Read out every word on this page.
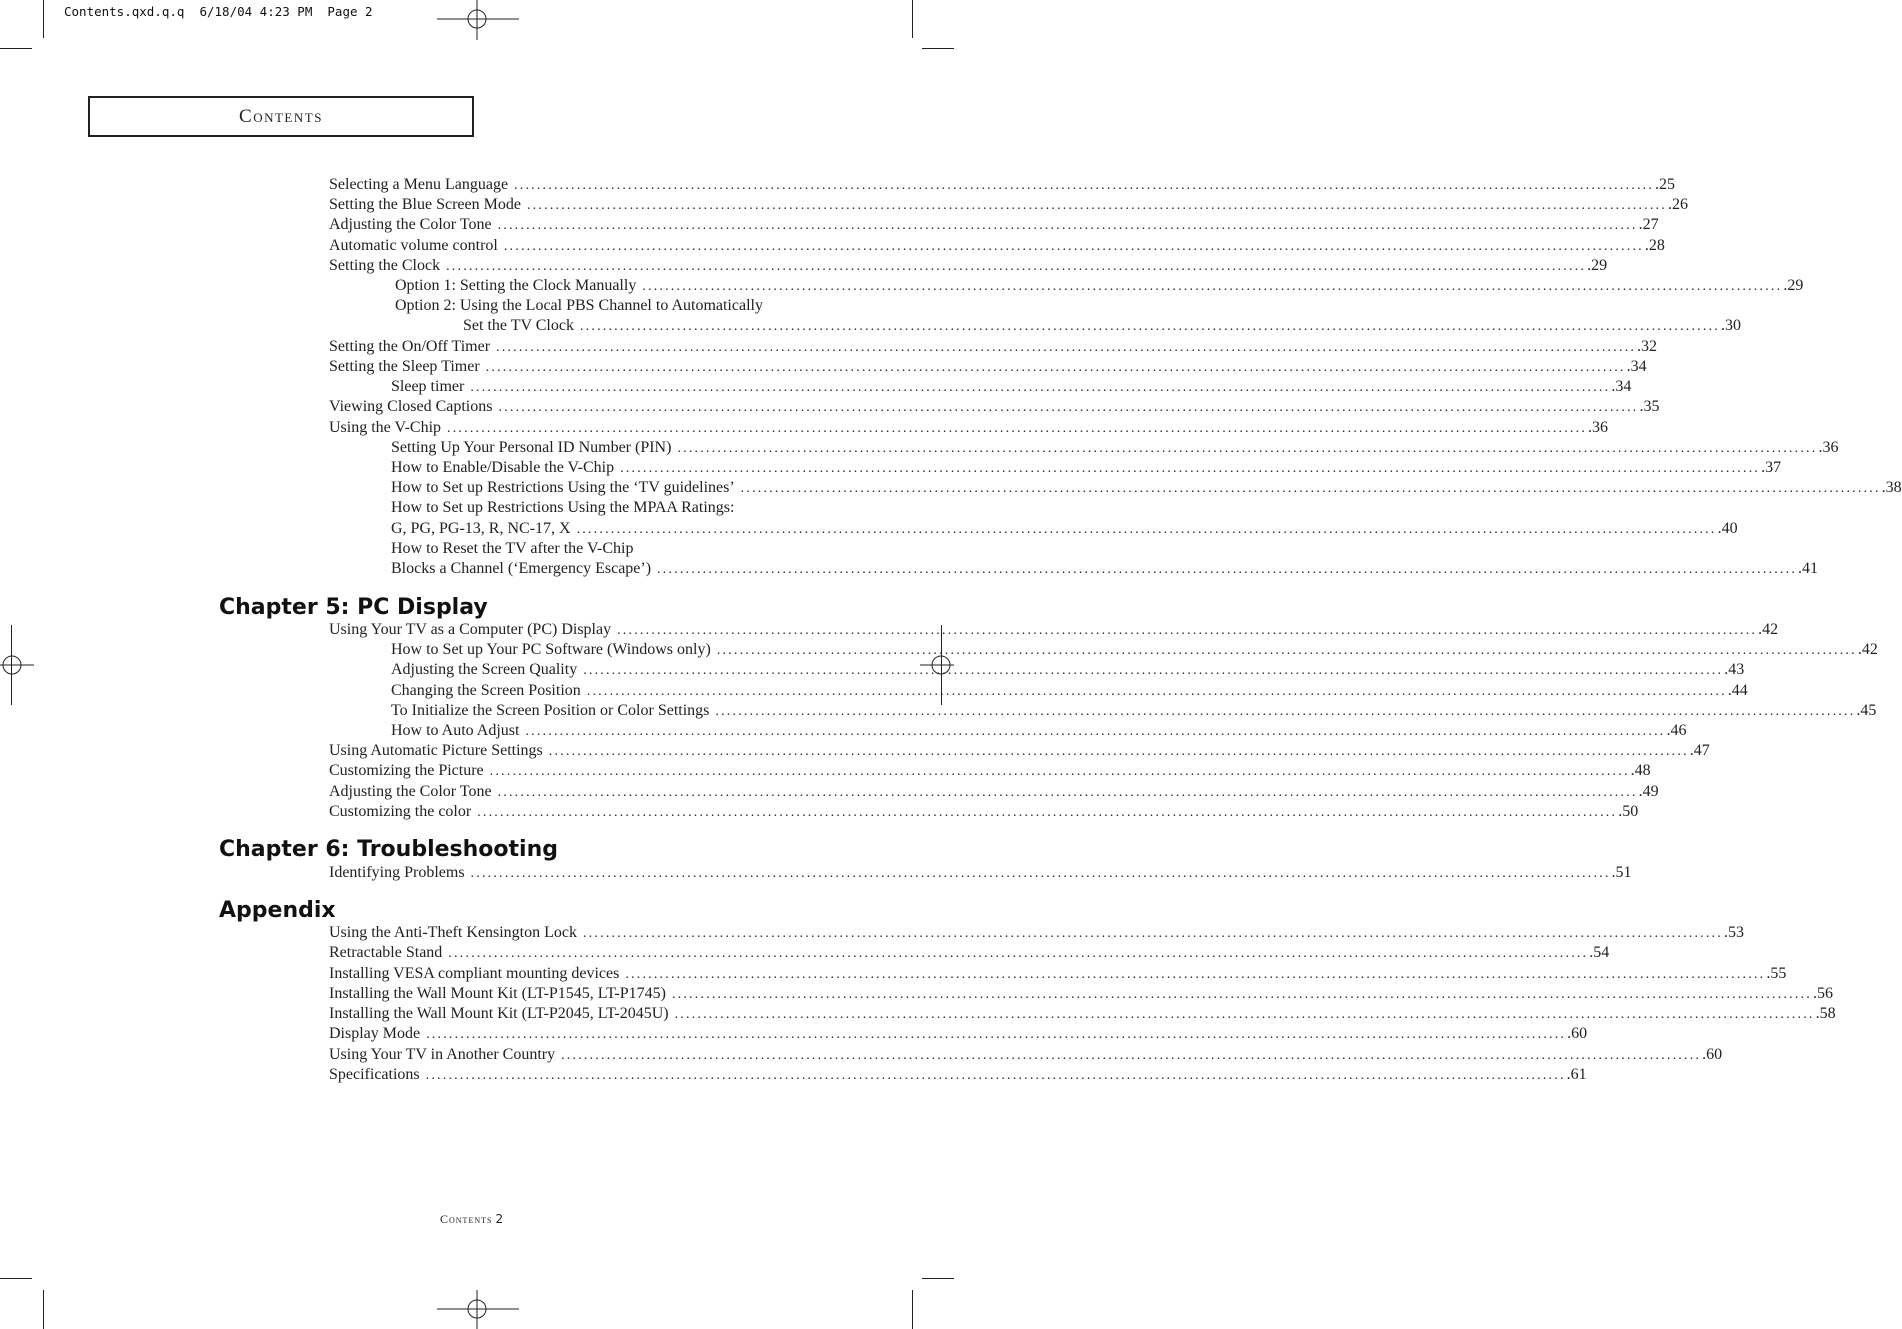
Contents.qxd.q.q  6/18/04 4:23 PM  Page 2
Contents
Selecting a Menu Language ........................................................................................................................................................................................................ .25
Setting the Blue Screen Mode ........................................................................................................................................................................................................ .26
Adjusting the Color Tone ........................................................................................................................................................................................................ .27
Automatic volume control ........................................................................................................................................................................................................ .28
Setting the Clock ........................................................................................................................................................................................................ .29
Option 1: Setting the Clock Manually ........................................................................................................................................................................................................ .29
Option 2: Using the Local PBS Channel to Automatically
Set the TV Clock ........................................................................................................................................................................................................ .30
Setting the On/Off Timer ........................................................................................................................................................................................................ .32
Setting the Sleep Timer ........................................................................................................................................................................................................ .34
Sleep timer ........................................................................................................................................................................................................ .34
Viewing Closed Captions ........................................................................................................................................................................................................ .35
Using the V-Chip ........................................................................................................................................................................................................ .36
Setting Up Your Personal ID Number (PIN) ........................................................................................................................................................................................................ .36
How to Enable/Disable the V-Chip ........................................................................................................................................................................................................ .37
How to Set up Restrictions Using the ‘TV guidelines’ ........................................................................................................................................................................................................ .38
How to Set up Restrictions Using the MPAA Ratings:
G, PG, PG-13, R, NC-17, X ........................................................................................................................................................................................................ .40
How to Reset the TV after the V-Chip
Blocks a Channel (‘Emergency Escape’) ........................................................................................................................................................................................................ .41
Chapter 5: PC Display
Using Your TV as a Computer (PC) Display ........................................................................................................................................................................................................ .42
How to Set up Your PC Software (Windows only) ........................................................................................................................................................................................................ .42
Adjusting the Screen Quality ........................................................................................................................................................................................................ .43
Changing the Screen Position ........................................................................................................................................................................................................ .44
To Initialize the Screen Position or Color Settings ........................................................................................................................................................................................................ .45
How to Auto Adjust ........................................................................................................................................................................................................ .46
Using Automatic Picture Settings ........................................................................................................................................................................................................ .47
Customizing the Picture ........................................................................................................................................................................................................ .48
Adjusting the Color Tone ........................................................................................................................................................................................................ .49
Customizing the color ........................................................................................................................................................................................................ .50
Chapter 6: Troubleshooting
Identifying Problems ........................................................................................................................................................................................................ .51
Appendix
Using the Anti-Theft Kensington Lock ........................................................................................................................................................................................................ .53
Retractable Stand ........................................................................................................................................................................................................ .54
Installing VESA compliant mounting devices ........................................................................................................................................................................................................ .55
Installing the Wall Mount Kit (LT-P1545, LT-P1745) ........................................................................................................................................................................................................ .56
Installing the Wall Mount Kit (LT-P2045, LT-2045U) ........................................................................................................................................................................................................ .58
Display Mode ........................................................................................................................................................................................................ .60
Using Your TV in Another Country ........................................................................................................................................................................................................ .60
Specifications ........................................................................................................................................................................................................ .61
Contents 2
